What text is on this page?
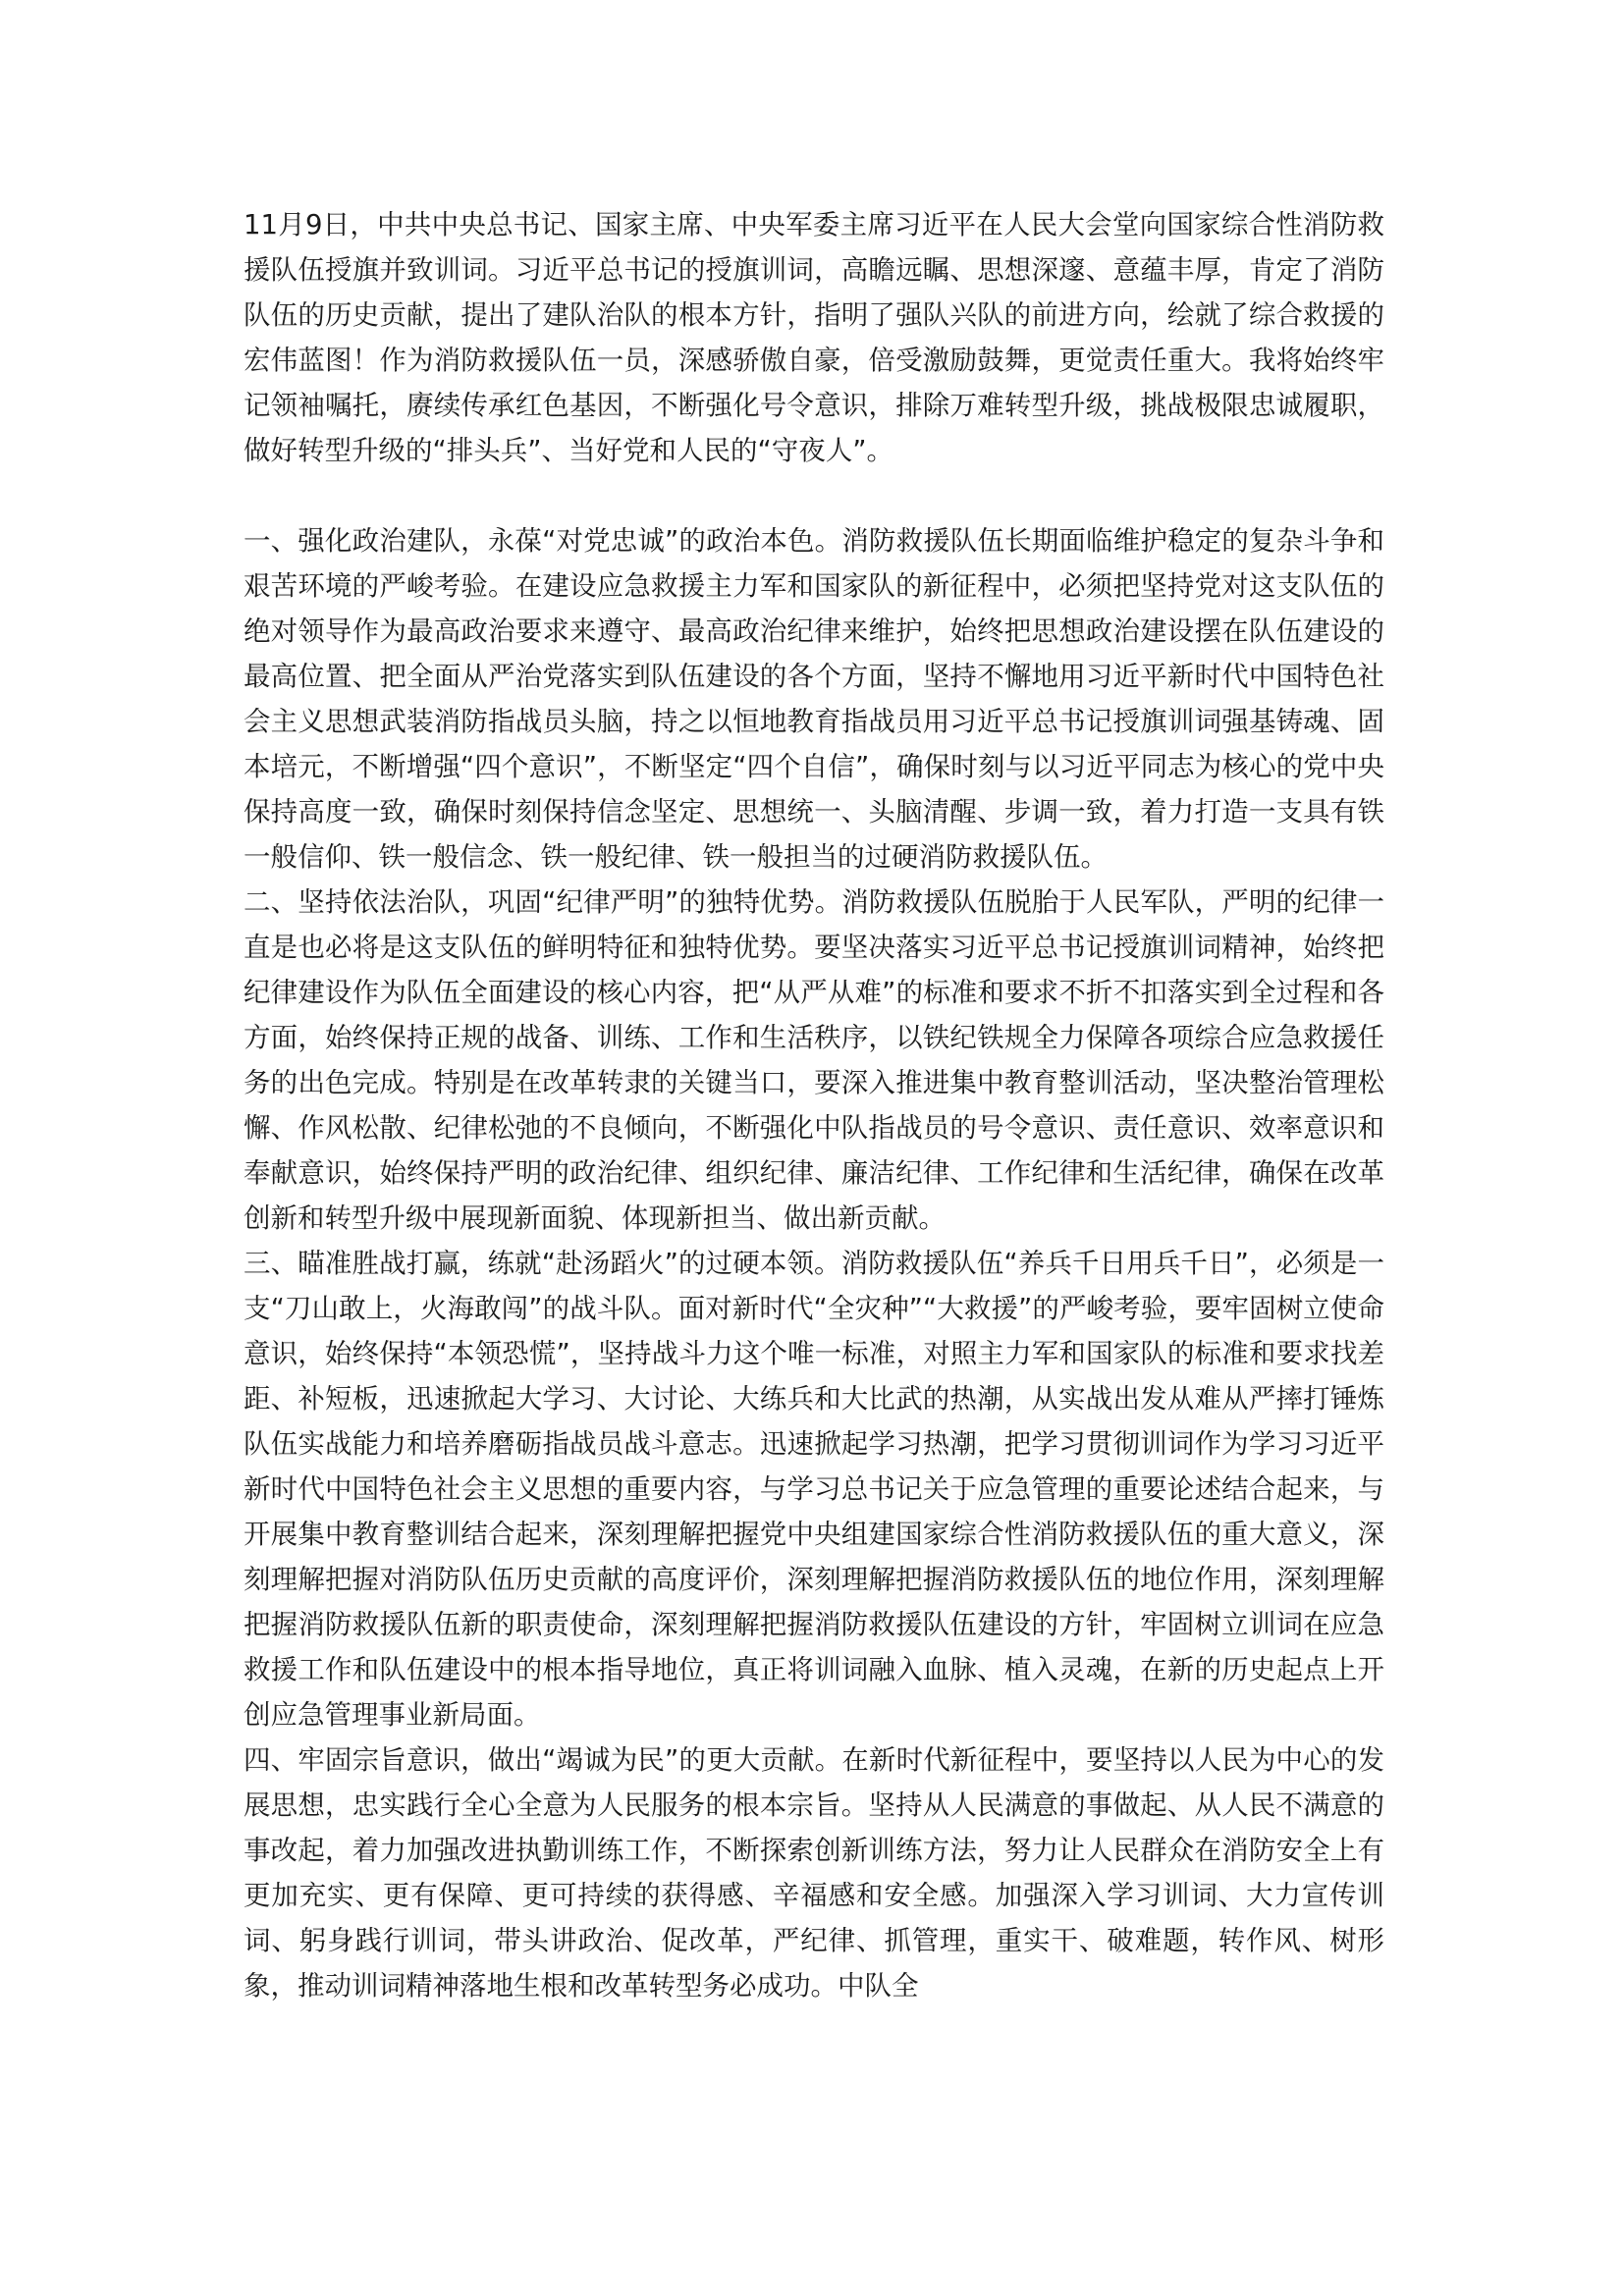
11月9日，中共中央总书记、国家主席、中央军委主席习近平在人民大会堂向国家综合性消防救援队伍授旗并致训词。习近平总书记的授旗训词，高瞻远瞩、思想深邃、意蕴丰厚，肯定了消防队伍的历史贡献，提出了建队治队的根本方针，指明了强队兴队的前进方向，绘就了综合救援的宏伟蓝图！作为消防救援队伍一员，深感骄傲自豪，倍受激励鼓舞，更觉责任重大。我将始终牢记领袖嘱托，赓续传承红色基因，不断强化号令意识，排除万难转型升级，挑战极限忠诚履职，做好转型升级的“排头兵”、当好党和人民的“守夜人”。

一、强化政治建队，永葆“对党忠诚”的政治本色。消防救援队伍长期面临维护稳定的复杂斗争和艰苦环境的严峻考验。在建设应急救援主力军和国家队的新征程中，必须把坚持党对这支队伍的绝对领导作为最高政治要求来遵守、最高政治纪律来维护，始终把思想政治建设摆在队伍建设的最高位置、把全面从严治党落实到队伍建设的各个方面，坚持不懈地用习近平新时代中国特色社会主义思想武装消防指战员头脑，持之以恒地教育指战员用习近平总书记授旗训词强基铸魂、固本培元，不断增强“四个意识”，不断坚定“四个自信”，确保时刻与以习近平同志为核心的党中央保持高度一致，确保时刻保持信念坚定、思想统一、头脑清醒、步调一致，着力打造一支具有铁一般信仰、铁一般信念、铁一般纪律、铁一般担当的过硬消防救援队伍。

二、坚持依法治队，巩固“纪律严明”的独特优势。消防救援队伍脱胎于人民军队，严明的纪律一直是也必将是这支队伍的鲜明特征和独特优势。要坚决落实习近平总书记授旗训词精神，始终把纪律建设作为队伍全面建设的核心内容，把“从严从难”的标准和要求不折不扣落实到全过程和各方面，始终保持正规的战备、训练、工作和生活秩序，以铁纪铁规全力保障各项综合应急救援任务的出色完成。特别是在改革转隶的关键当口，要深入推进集中教育整训活动，坚决整治管理松懈、作风松散、纪律松弛的不良倾向，不断强化中队指战员的号令意识、责任意识、效率意识和奉献意识，始终保持严明的政治纪律、组织纪律、廉洁纪律、工作纪律和生活纪律，确保在改革创新和转型升级中展现新面貌、体现新担当、做出新贡献。

三、瞄准胜战打赢，练就“赴汤蹈火”的过硬本领。消防救援队伍“养兵千日用兵千日”，必须是一支“刀山敢上，火海敢闯”的战斗队。面对新时代“全灾种”“大救援”的严峻考验，要牢固树立使命意识，始终保持“本领恐慌”，坚持战斗力这个唯一标准，对照主力军和国家队的标准和要求找差距、补短板，迅速掀起大学习、大讨论、大练兵和大比武的热潮，从实战出发从难从严摔打锤炼队伍实战能力和培养磨砺指战员战斗意志。迅速掀起学习热潮，把学习贯彻训词作为学习习近平新时代中国特色社会主义思想的重要内容，与学习总书记关于应急管理的重要论述结合起来，与开展集中教育整训结合起来，深刻理解把握党中央组建国家综合性消防救援队伍的重大意义，深刻理解把握对消防队伍历史贡献的高度评价，深刻理解把握消防救援队伍的地位作用，深刻理解把握消防救援队伍新的职责使命，深刻理解把握消防救援队伍建设的方针，牢固树立训词在应急救援工作和队伍建设中的根本指导地位，真正将训词融入血脉、植入灵魂，在新的历史起点上开创应急管理事业新局面。

四、牢固宗旨意识，做出“竭诚为民”的更大贡献。在新时代新征程中，要坚持以人民为中心的发展思想，忠实践行全心全意为人民服务的根本宗旨。坚持从人民满意的事做起、从人民不满意的事改起，着力加强改进执勤训练工作，不断探索创新训练方法，努力让人民群众在消防安全上有更加充实、更有保障、更可持续的获得感、辛福感和安全感。加强深入学习训词、大力宣传训词、躬身践行训词，带头讲政治、促改革，严纪律、抓管理，重实干、破难题，转作风、树形象，推动训词精神落地生根和改革转型务必成功。中队全
